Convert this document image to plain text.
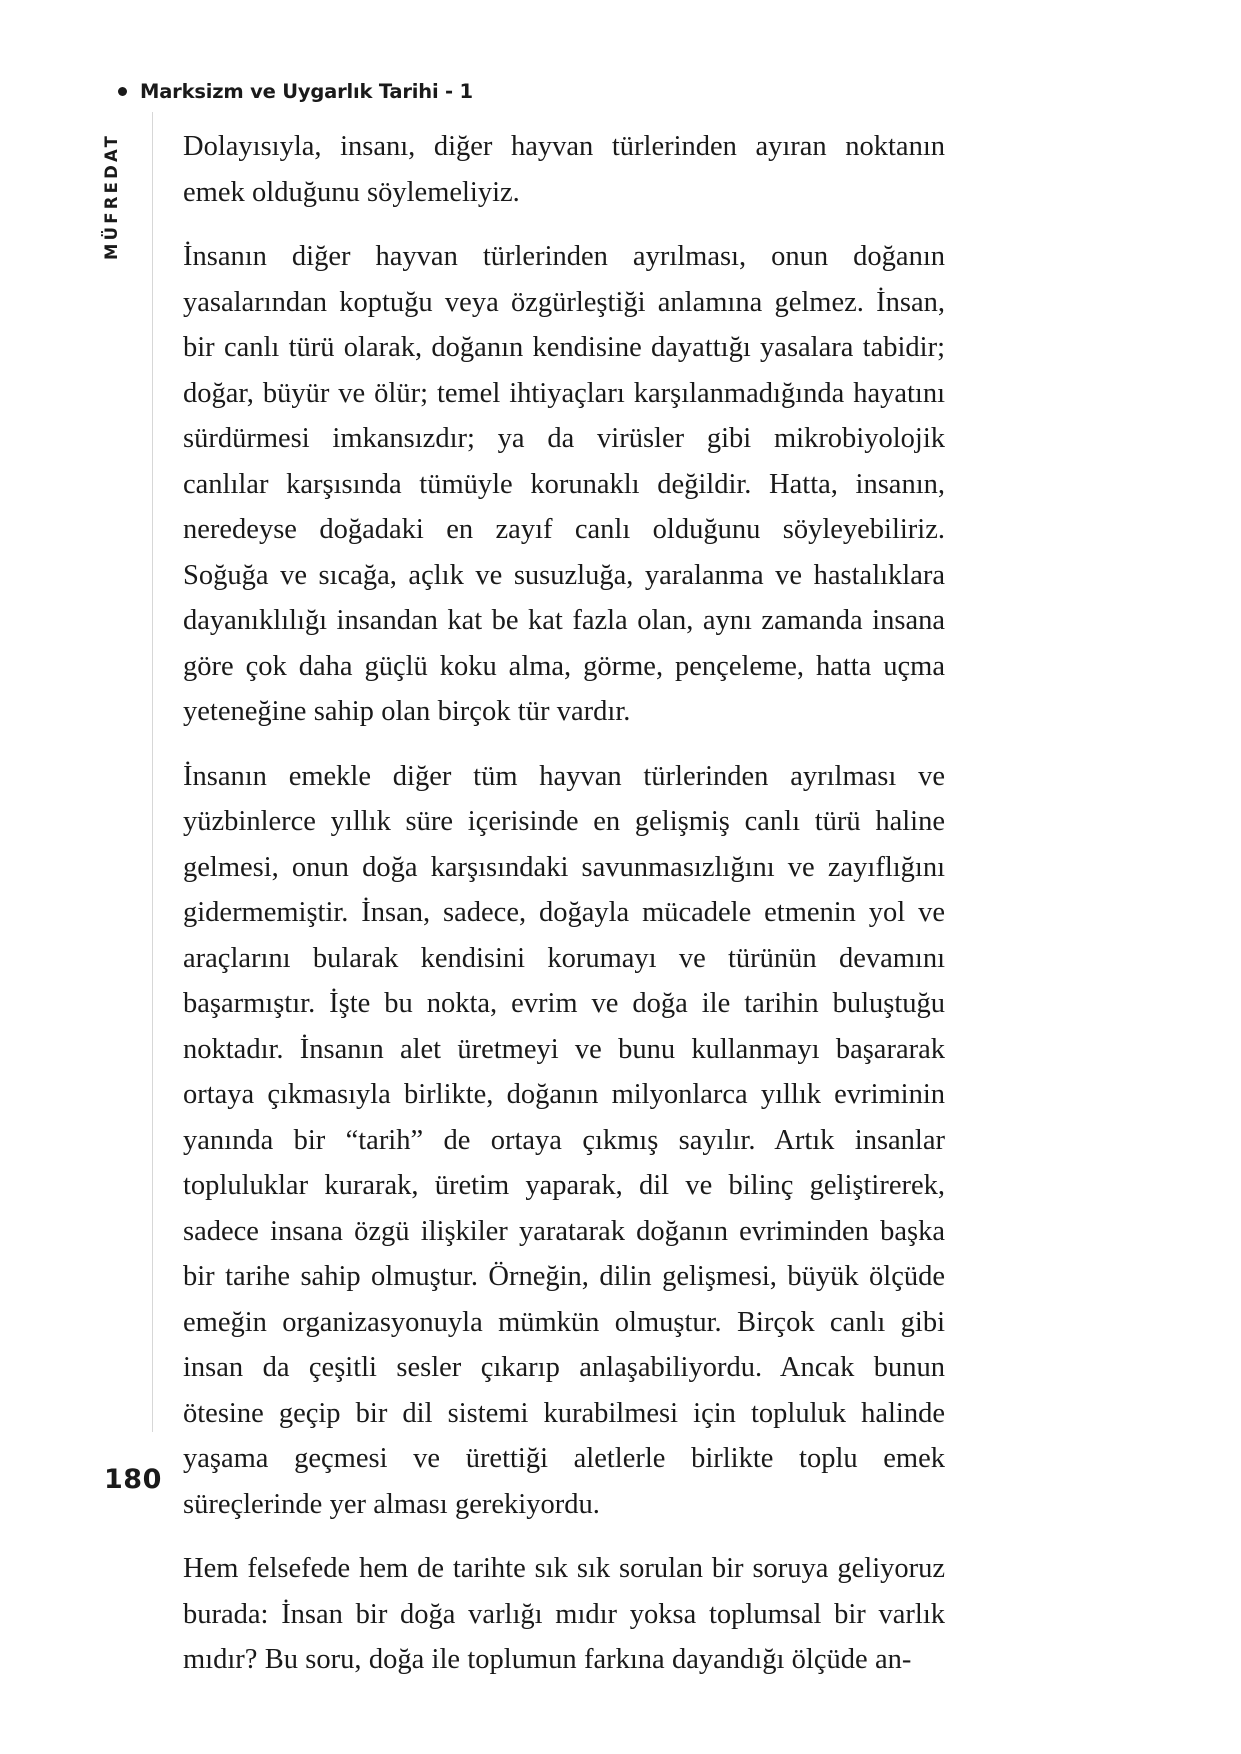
Marksizm ve Uygarlık Tarihi - 1
MÜFREDAT Dolayısıyla, insanı, diğer hayvan türlerinden ayıran noktanın emek olduğunu söylemeliyiz.

İnsanın diğer hayvan türlerinden ayrılması, onun doğanın yasalarından koptuğu veya özgürleştiği anlamına gelmez. İnsan, bir canlı türü olarak, doğanın kendisine dayattığı yasalara tabidir; doğar, büyür ve ölür; temel ihtiyaçları karşılanmadığında hayatını sürdürmesi imkansızdır; ya da virüsler gibi mikrobiyolojik canlılar karşısında tümüyle korunaklı değildir. Hatta, insanın, neredeyse doğadaki en zayıf canlı olduğunu söyleyebiliriz. Soğuğa ve sıcağa, açlık ve susuzluğa, yaralanma ve hastalıklara dayanıklılığı insandan kat be kat fazla olan, aynı zamanda insana göre çok daha güçlü koku alma, görme, pençeleme, hatta uçma yeteneğine sahip olan birçok tür vardır.

İnsanın emekle diğer tüm hayvan türlerinden ayrılması ve yüzbinlerce yıllık süre içerisinde en gelişmiş canlı türü haline gelmesi, onun doğa karşısındaki savunmasızlığını ve zayıflığını gidermemiştir. İnsan, sadece, doğayla mücadele etmenin yol ve araçlarını bularak kendisini korumayı ve türünün devamını başarmıştır. İşte bu nokta, evrim ve doğa ile tarihin buluştuğu noktadır. İnsanın alet üretmeyi ve bunu kullanmayı başararak ortaya çıkmasıyla birlikte, doğanın milyonlarca yıllık evriminin yanında bir “tarih” de ortaya çıkmış sayılır. Artık insanlar topluluklar kurarak, üretim yaparak, dil ve bilinç geliştirerek, sadece insana özgü ilişkiler yaratarak doğanın evriminden başka bir tarihe sahip olmuştur. Örneğin, dilin gelişmesi, büyük ölçüde emeğin organizasyonuyla mümkün olmuştur. Birçok canlı gibi insan da çeşitli sesler çıkarıp anlaşabiliyordu. Ancak bunun ötesine geçip bir dil sistemi kurabilmesi için topluluk halinde yaşama geçmesi ve ürettiği aletlerle birlikte toplu emek süreçlerinde yer alması gerekiyordu.

Hem felsefede hem de tarihte sık sık sorulan bir soruya geliyoruz burada: İnsan bir doğa varlığı mıdır yoksa toplumsal bir varlık mıdır? Bu soru, doğa ile toplumun farkına dayandığı ölçüde an-

180
